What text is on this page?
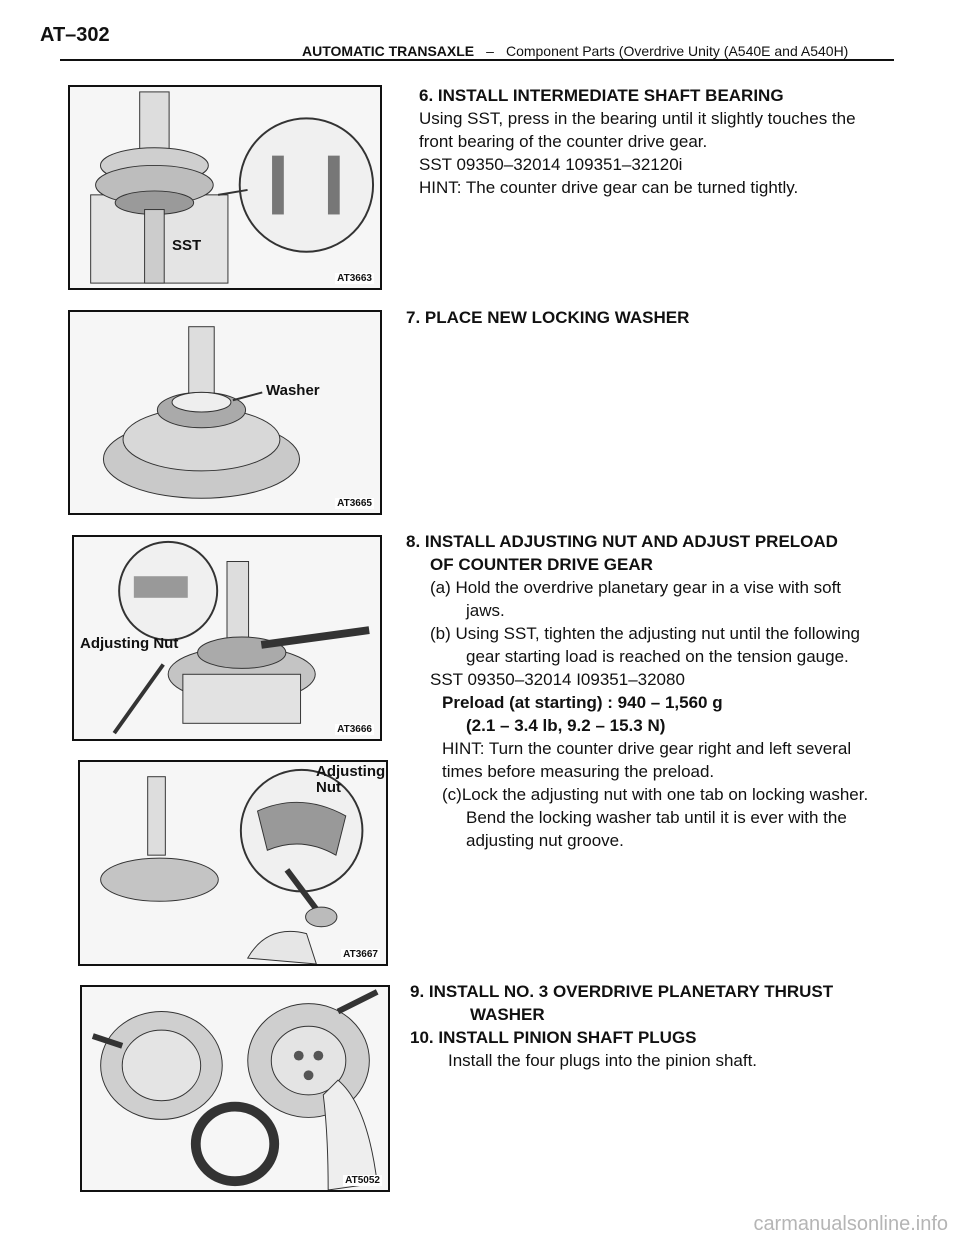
AT–302
AUTOMATIC TRANSAXLE – Component Parts (Overdrive Unity (A540E and A540H)
SST
AT3663
6. INSTALL INTERMEDIATE SHAFT BEARING
Using SST, press in the bearing until it slightly touches the
front bearing of the counter drive gear.
SST 09350–32014 109351–32120i
HINT: The counter drive gear can be turned tightly.
Washer
AT3665
7. PLACE NEW LOCKING WASHER
Adjusting Nut
AT3666
Adjusting
Nut
AT3667
8. INSTALL ADJUSTING NUT AND ADJUST PRELOAD
OF COUNTER DRIVE GEAR
(a) Hold the overdrive planetary gear in a vise with soft
jaws.
(b) Using SST, tighten the adjusting nut until the following
gear starting load is reached on the tension gauge.
SST 09350–32014 I09351–32080
Preload (at starting) : 940 – 1,560 g
(2.1 – 3.4 lb, 9.2 – 15.3 N)
HINT: Turn the counter drive gear right and left several
times before measuring the preload.
(c)Lock the adjusting nut with one tab on locking washer.
Bend the locking washer tab until it is ever with the
adjusting nut groove.
AT5052
9. INSTALL NO. 3 OVERDRIVE PLANETARY THRUST
WASHER
10. INSTALL PINION SHAFT PLUGS
Install the four plugs into the pinion shaft.
carmanualsonline.info
